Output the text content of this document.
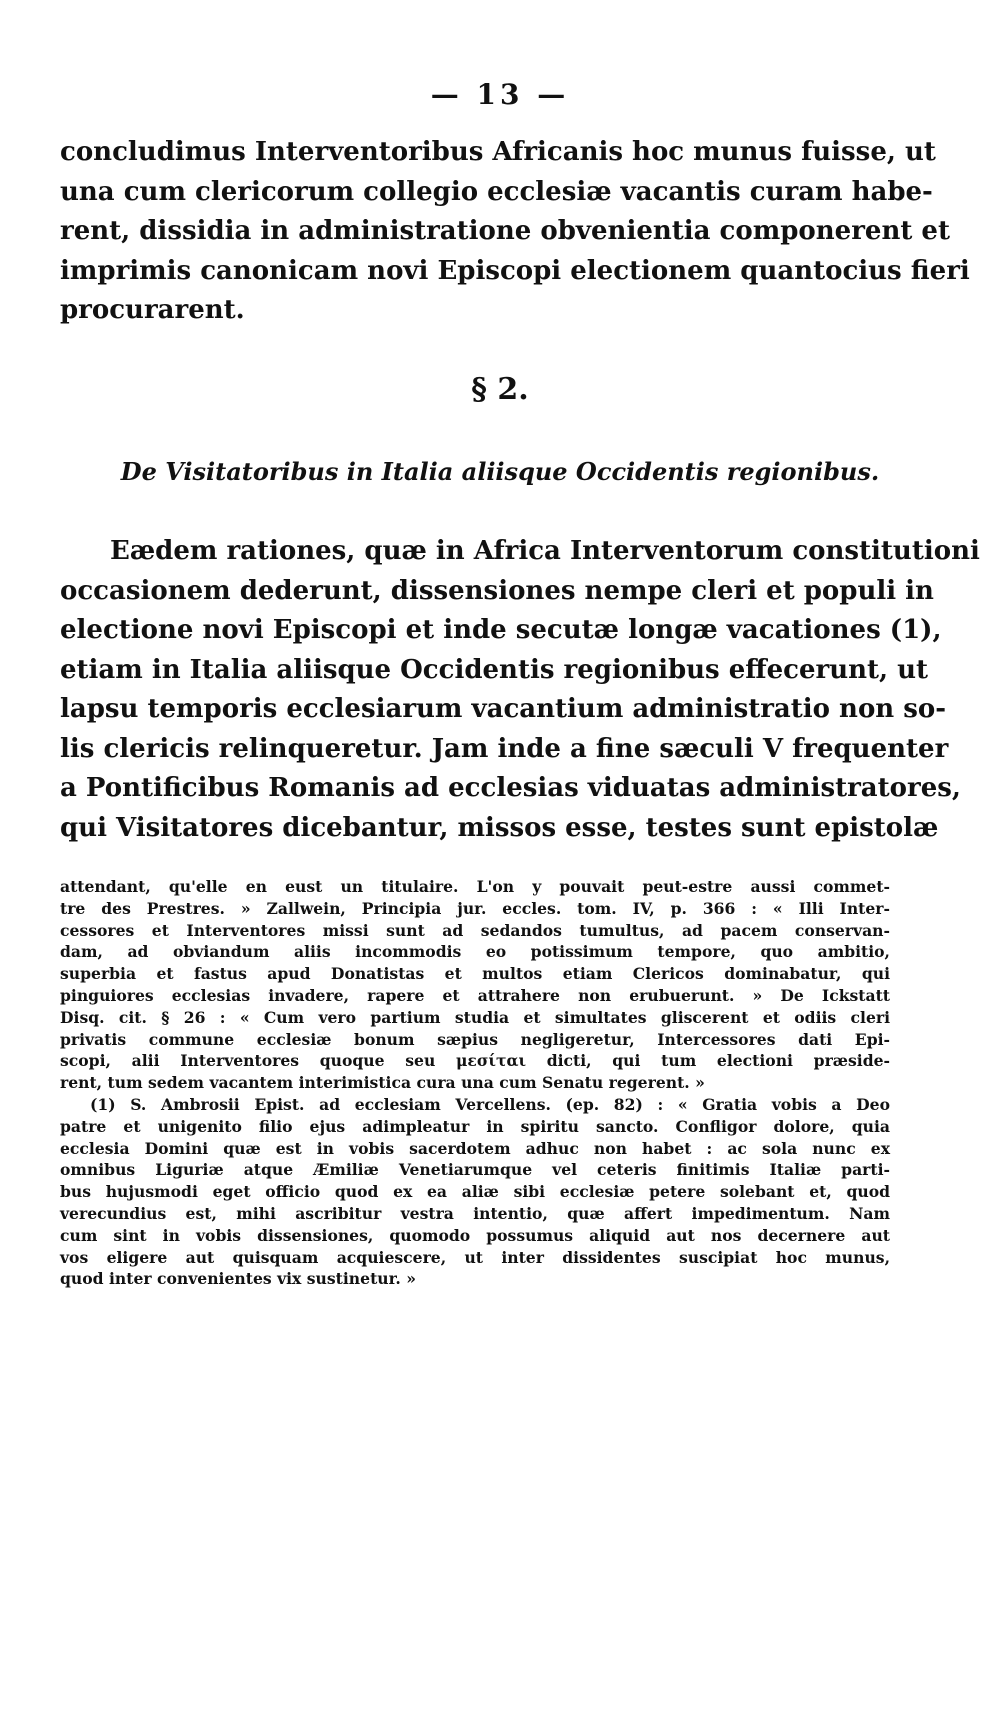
— 13 —
concludimus Interventoribus Africanis hoc munus fuisse, ut
una cum clericorum collegio ecclesiæ vacantis curam habe-
rent, dissidia in administratione obvenientia componerent et
imprimis canonicam novi Episcopi electionem quantocius fieri
procurarent.
§ 2.
De Visitatoribus in Italia aliisque Occidentis regionibus.
Eædem rationes, quæ in Africa Interventorum constitutioni
occasionem dederunt, dissensiones nempe cleri et populi in
electione novi Episcopi et inde secutæ longæ vacationes (1),
etiam in Italia aliisque Occidentis regionibus effecerunt, ut
lapsu temporis ecclesiarum vacantium administratio non so-
lis clericis relinqueretur. Jam inde a fine sæculi V frequenter
a Pontificibus Romanis ad ecclesias viduatas administratores,
qui Visitatores dicebantur, missos esse, testes sunt epistolæ
attendant, qu'elle en eust un titulaire. L'on y pouvait peut-estre aussi commet-
tre des Prestres. » Zallwein, Principia jur. eccles. tom. IV, p. 366 : « Illi Inter-
cessores et Interventores missi sunt ad sedandos tumultus, ad pacem conservan-
dam, ad obviandum aliis incommodis eo potissimum tempore, quo ambitio,
superbia et fastus apud Donatistas et multos etiam Clericos dominabatur, qui
pinguiores ecclesias invadere, rapere et attrahere non erubuerunt. » De Ickstatt
Disq. cit. § 26 : « Cum vero partium studia et simultates gliscerent et odiis cleri
privatis commune ecclesiæ bonum sæpius negligeretur, Intercessores dati Epi-
scopi, alii Interventores quoque seu μεσίται dicti, qui tum electioni præside-
rent, tum sedem vacantem interimistica cura una cum Senatu regerent. »
(1) S. Ambrosii Epist. ad ecclesiam Vercellens. (ep. 82) : « Gratia vobis a Deo
patre et unigenito filio ejus adimpleatur in spiritu sancto. Confligor dolore, quia
ecclesia Domini quæ est in vobis sacerdotem adhuc non habet : ac sola nunc ex
omnibus Liguriæ atque Æmiliæ Venetiarumque vel ceteris finitimis Italiæ parti-
bus hujusmodi eget officio quod ex ea aliæ sibi ecclesiæ petere solebant et, quod
verecundius est, mihi ascribitur vestra intentio, quæ affert impedimentum. Nam
cum sint in vobis dissensiones, quomodo possumus aliquid aut nos decernere aut
vos eligere aut quisquam acquiescere, ut inter dissidentes suscipiat hoc munus,
quod inter convenientes vix sustinetur. »
